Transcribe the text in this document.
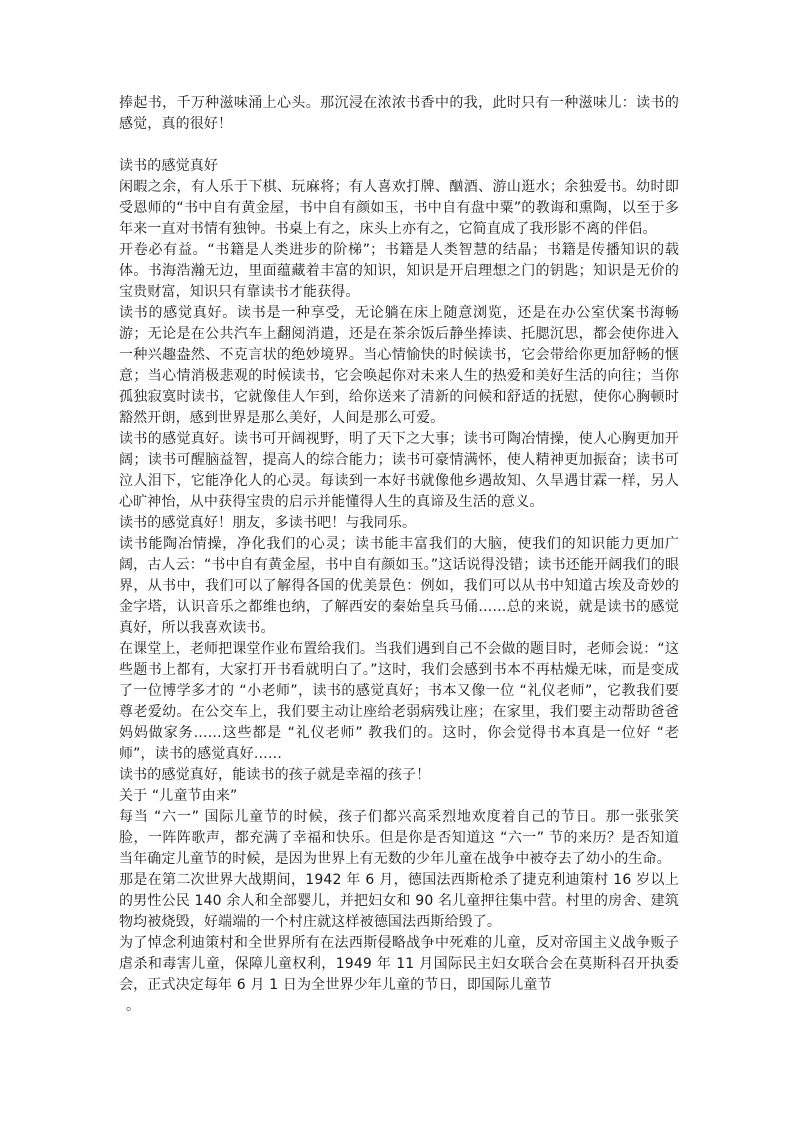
捧起书，千万种滋味涌上心头。那沉浸在浓浓书香中的我，此时只有一种滋味儿：读书的感觉，真的很好！

读书的感觉真好

闲暇之余，有人乐于下棋、玩麻将；有人喜欢打牌、酗酒、游山逛水；余独爱书。幼时即受恩师的“书中自有黄金屋，书中自有颜如玉，书中自有盘中粟”的教诲和熏陶，以至于多年来一直对书情有独钟。书桌上有之，床头上亦有之，它简直成了我形影不离的伴侣。

开卷必有益。“书籍是人类进步的阶梯”；书籍是人类智慧的结晶；书籍是传播知识的载体。书海浩瀚无边，里面蕴藏着丰富的知识，知识是开启理想之门的钥匙；知识是无价的宝贵财富，知识只有靠读书才能获得。

读书的感觉真好。读书是一种享受，无论躺在床上随意浏览，还是在办公室伏案书海畅游；无论是在公共汽车上翻阅消遣，还是在茶余饭后静坐捧读、托腮沉思，都会使你进入一种兴趣盎然、不克言状的绝妙境界。当心情愉快的时候读书，它会带给你更加舒畅的惬意；当心情消极悲观的时候读书，它会唤起你对未来人生的热爱和美好生活的向往；当你孤独寂寞时读书，它就像佳人乍到，给你送来了清新的问候和舒适的抚慰，使你心胸顿时豁然开朗，感到世界是那么美好，人间是那么可爱。

读书的感觉真好。读书可开阔视野，明了天下之大事；读书可陶冶情操，使人心胸更加开阔；读书可醒脑益智，提高人的综合能力；读书可豪情满怀，使人精神更加振奋；读书可泣人泪下，它能净化人的心灵。每读到一本好书就像他乡遇故知、久旱遇甘霖一样，另人心旷神怡，从中获得宝贵的启示并能懂得人生的真谛及生活的意义。

读书的感觉真好！朋友，多读书吧！与我同乐。

读书能陶冶情操，净化我们的心灵；读书能丰富我们的大脑，使我们的知识能力更加广阔，古人云：“书中自有黄金屋，书中自有颜如玉。”这话说得没错；读书还能开阔我们的眼界，从书中，我们可以了解得各国的优美景色：例如，我们可以从书中知道古埃及奇妙的金字塔，认识音乐之都维也纳，了解西安的秦始皇兵马俑……总的来说，就是读书的感觉真好，所以我喜欢读书。

在课堂上，老师把课堂作业布置给我们。当我们遇到自己不会做的题目时，老师会说：“这些题书上都有，大家打开书看就明白了。”这时，我们会感到书本不再枯燥无味，而是变成了一位博学多才的 “小老师”，读书的感觉真好；书本又像一位 “礼仪老师”，它教我们要尊老爱幼。在公交车上，我们要主动让座给老弱病残让座；在家里，我们要主动帮助爸爸妈妈做家务……这些都是 “礼仪老师” 教我们的。这时，你会觉得书本真是一位好 “老师”，读书的感觉真好……

读书的感觉真好，能读书的孩子就是幸福的孩子！

关于 “儿童节由来”

每当 “六一” 国际儿童节的时候，孩子们都兴高采烈地欢度着自己的节日。那一张张笑脸，一阵阵歌声，都充满了幸福和快乐。但是你是否知道这 “六一” 节的来历？是否知道当年确定儿童节的时候，是因为世界上有无数的少年儿童在战争中被夺去了幼小的生命。

那是在第二次世界大战期间，1942 年 6 月，德国法西斯枪杀了捷克利迪策村 16 岁以上的男性公民 140 余人和全部婴儿，并把妇女和 90 名儿童押往集中营。村里的房舍、建筑物均被烧毁，好端端的一个村庄就这样被德国法西斯给毁了。

为了悼念利迪策村和全世界所有在法西斯侵略战争中死难的儿童，反对帝国主义战争贩子虐杀和毒害儿童，保障儿童权利，1949 年 11 月国际民主妇女联合会在莫斯科召开执委会，正式决定每年 6 月 1 日为全世界少年儿童的节日，即国际儿童节

。
